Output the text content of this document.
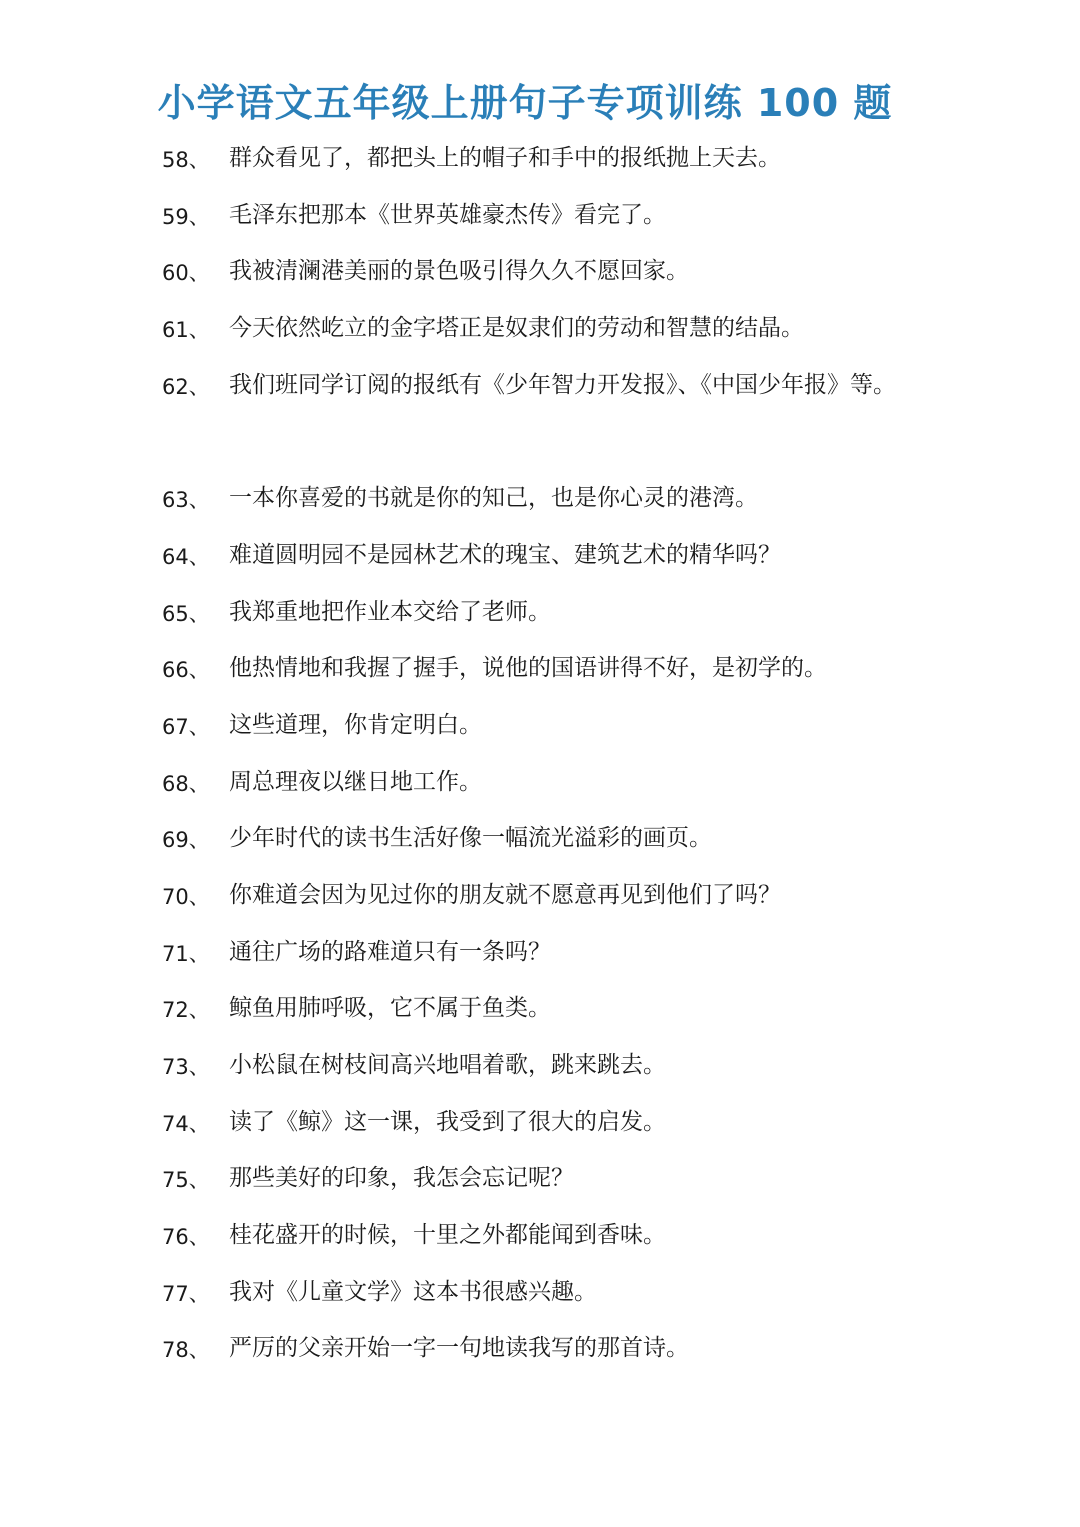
小学语文五年级上册句子专项训练 100 题
58、 群众看见了，都把头上的帽子和手中的报纸抛上天去。
59、 毛泽东把那本《世界英雄豪杰传》看完了。
60、 我被清澜港美丽的景色吸引得久久不愿回家。
61、 今天依然屹立的金字塔正是奴隶们的劳动和智慧的结晶。
62、 我们班同学订阅的报纸有《少年智力开发报》、《中国少年报》等。
63、 一本你喜爱的书就是你的知己，也是你心灵的港湾。
64、 难道圆明园不是园林艺术的瑰宝、建筑艺术的精华吗？
65、 我郑重地把作业本交给了老师。
66、 他热情地和我握了握手，说他的国语讲得不好，是初学的。
67、 这些道理，你肯定明白。
68、 周总理夜以继日地工作。
69、 少年时代的读书生活好像一幅流光溢彩的画页。
70、 你难道会因为见过你的朋友就不愿意再见到他们了吗？
71、 通往广场的路难道只有一条吗？
72、 鲸鱼用肺呼吸，它不属于鱼类。
73、 小松鼠在树枝间高兴地唱着歌，跳来跳去。
74、 读了《鲸》这一课，我受到了很大的启发。
75、 那些美好的印象，我怎会忘记呢？
76、 桂花盛开的时候，十里之外都能闻到香味。
77、 我对《儿童文学》这本书很感兴趣。
78、 严厉的父亲开始一字一句地读我写的那首诗。
